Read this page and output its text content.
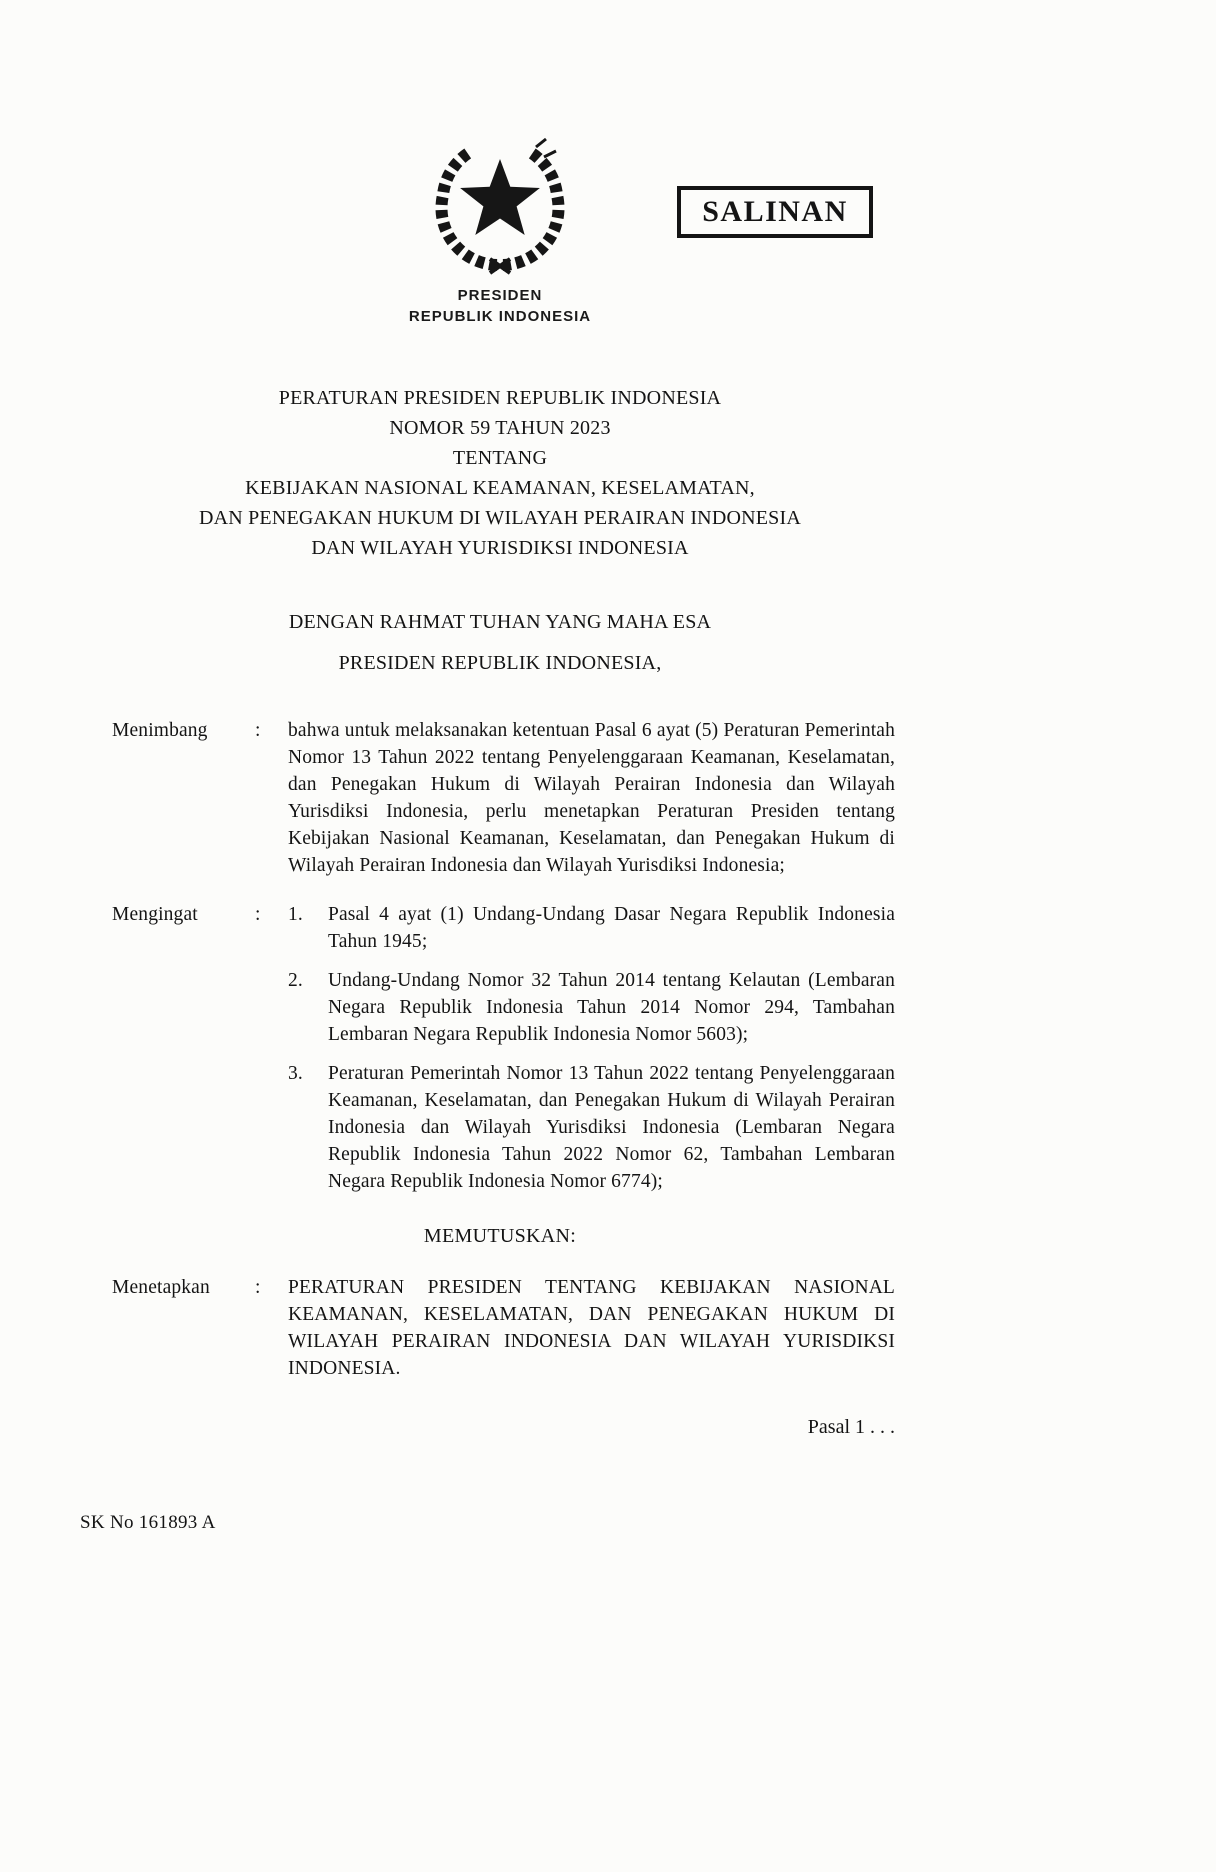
SALINAN
PRESIDEN
REPUBLIK INDONESIA
PERATURAN PRESIDEN REPUBLIK INDONESIA
NOMOR 59 TAHUN 2023
TENTANG
KEBIJAKAN NASIONAL KEAMANAN, KESELAMATAN,
DAN PENEGAKAN HUKUM DI WILAYAH PERAIRAN INDONESIA
DAN WILAYAH YURISDIKSI INDONESIA
DENGAN RAHMAT TUHAN YANG MAHA ESA
PRESIDEN REPUBLIK INDONESIA,
Menimbang	:	bahwa untuk melaksanakan ketentuan Pasal 6 ayat (5) Peraturan Pemerintah Nomor 13 Tahun 2022 tentang Penyelenggaraan Keamanan, Keselamatan, dan Penegakan Hukum di Wilayah Perairan Indonesia dan Wilayah Yurisdiksi Indonesia, perlu menetapkan Peraturan Presiden tentang Kebijakan Nasional Keamanan, Keselamatan, dan Penegakan Hukum di Wilayah Perairan Indonesia dan Wilayah Yurisdiksi Indonesia;
Mengingat	:	1.	Pasal 4 ayat (1) Undang-Undang Dasar Negara Republik Indonesia Tahun 1945;
2.	Undang-Undang Nomor 32 Tahun 2014 tentang Kelautan (Lembaran Negara Republik Indonesia Tahun 2014 Nomor 294, Tambahan Lembaran Negara Republik Indonesia Nomor 5603);
3.	Peraturan Pemerintah Nomor 13 Tahun 2022 tentang Penyelenggaraan Keamanan, Keselamatan, dan Penegakan Hukum di Wilayah Perairan Indonesia dan Wilayah Yurisdiksi Indonesia (Lembaran Negara Republik Indonesia Tahun 2022 Nomor 62, Tambahan Lembaran Negara Republik Indonesia Nomor 6774);
MEMUTUSKAN:
Menetapkan	:	PERATURAN PRESIDEN TENTANG KEBIJAKAN NASIONAL KEAMANAN, KESELAMATAN, DAN PENEGAKAN HUKUM DI WILAYAH PERAIRAN INDONESIA DAN WILAYAH YURISDIKSI INDONESIA.
Pasal 1 . . .
SK No 161893 A
